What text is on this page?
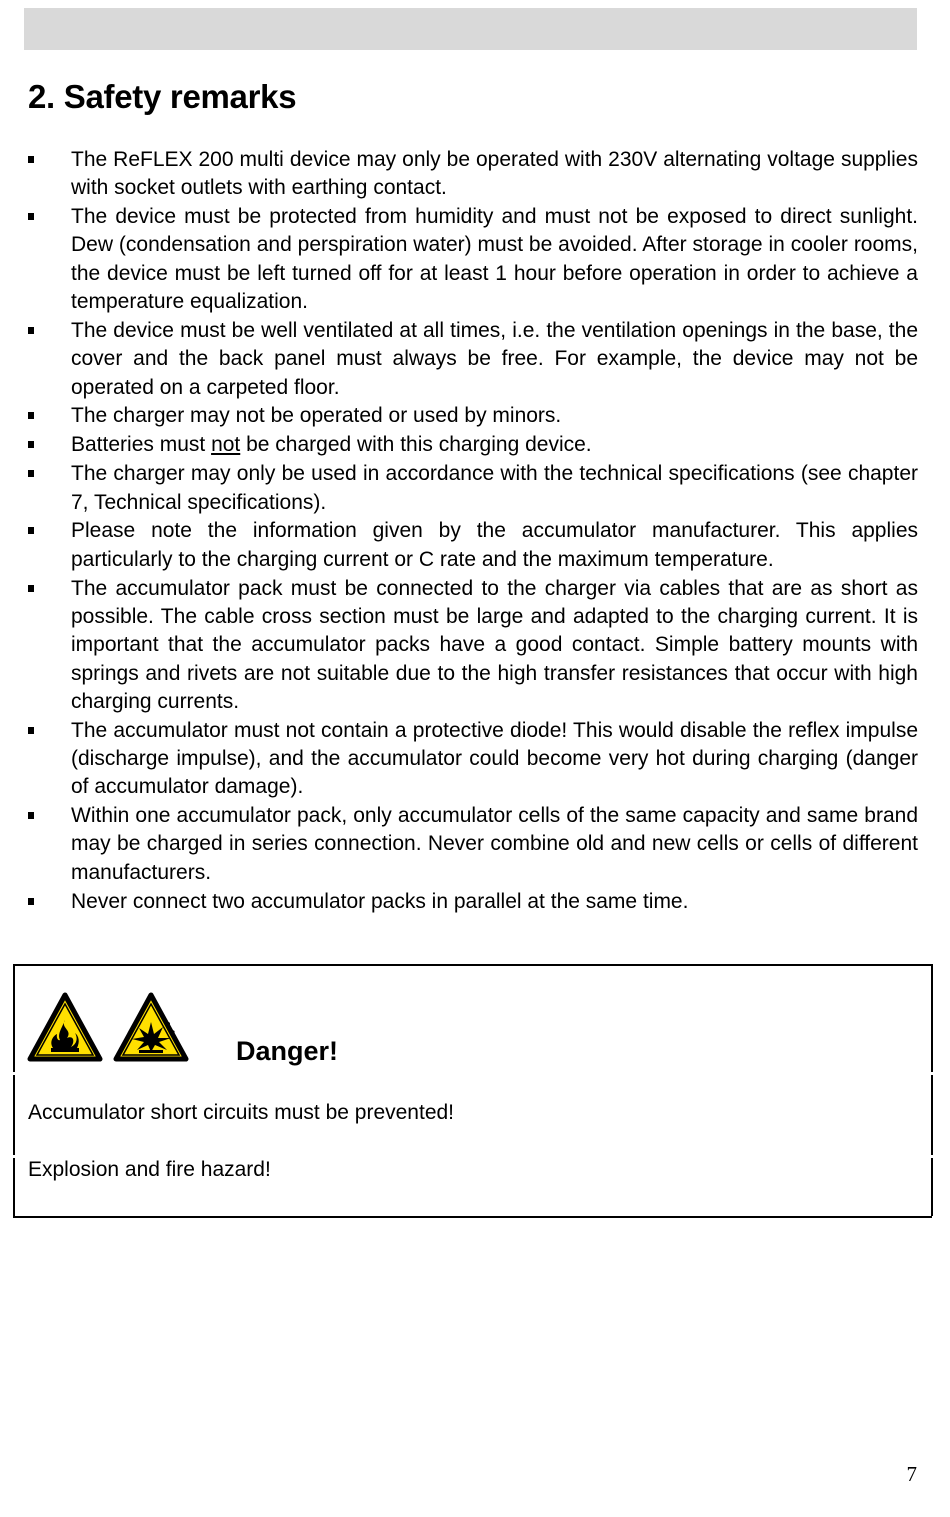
2. Safety remarks
The ReFLEX 200 multi device may only be operated with 230V alternating voltage supplies with socket outlets with earthing contact.
The device must be protected from humidity and must not be exposed to direct sunlight. Dew (condensation and perspiration water) must be avoided. After storage in cooler rooms, the device must be left turned off for at least 1 hour before operation in order to achieve a temperature equalization.
The device must be well ventilated at all times, i.e. the ventilation openings in the base, the cover and the back panel must always be free. For example, the device may not be operated on a carpeted floor.
The charger may not be operated or used by minors.
Batteries must not be charged with this charging device.
The charger may only be used in accordance with the technical specifications (see chapter 7, Technical specifications).
Please note the information given by the accumulator manufacturer. This applies particularly to the charging current or C rate and the maximum temperature.
The accumulator pack must be connected to the charger via cables that are as short as possible. The cable cross section must be large and adapted to the charging current. It is important that the accumulator packs have a good contact. Simple battery mounts with springs and rivets are not suitable due to the high transfer resistances that occur with high charging currents.
The accumulator must not contain a protective diode! This would disable the reflex impulse (discharge impulse), and the accumulator could become very hot during charging (danger of accumulator damage).
Within one accumulator pack, only accumulator cells of the same capacity and same brand may be charged in series connection. Never combine old and new cells or cells of different manufacturers.
Never connect two accumulator packs in parallel at the same time.
Danger!
Accumulator short circuits must be prevented!
Explosion and fire hazard!
7
